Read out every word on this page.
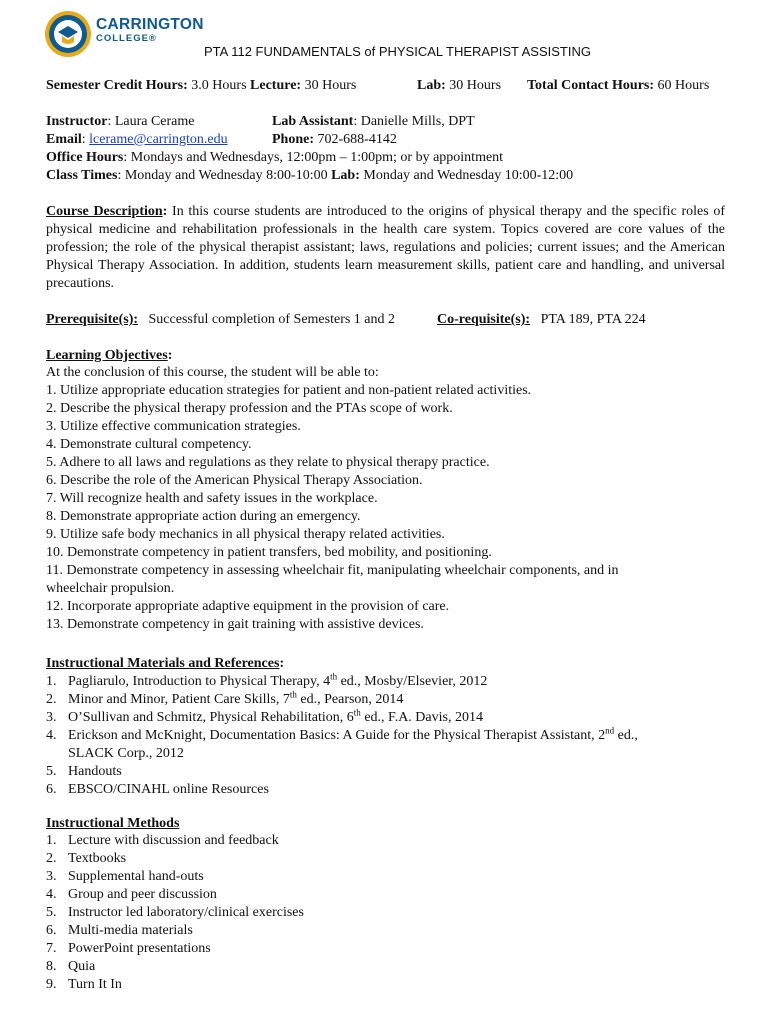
CARRINGTON
COLLEGE®
PTA 112 FUNDAMENTALS of PHYSICAL THERAPIST ASSISTING
Semester Credit Hours: 3.0 Hours Lecture: 30 Hours	Lab: 30 Hours Total Contact Hours: 60 Hours
Instructor: Laura Cerame	Lab Assistant: Danielle Mills, DPT
Email: lcerame@carrington.edu	Phone: 702-688-4142
Office Hours: Mondays and Wednesdays, 12:00pm – 1:00pm; or by appointment
Class Times: Monday and Wednesday 8:00-10:00 Lab: Monday and Wednesday 10:00-12:00
Course Description: In this course students are introduced to the origins of physical therapy and the specific roles of physical medicine and rehabilitation professionals in the health care system. Topics covered are core values of the profession; the role of the physical therapist assistant; laws, regulations and policies; current issues; and the American Physical Therapy Association. In addition, students learn measurement skills, patient care and handling, and universal precautions.
Prerequisite(s): Successful completion of Semesters 1 and 2	Co-requisite(s): PTA 189, PTA 224
Learning Objectives:
At the conclusion of this course, the student will be able to:
1. Utilize appropriate education strategies for patient and non-patient related activities.
2. Describe the physical therapy profession and the PTAs scope of work.
3. Utilize effective communication strategies.
4. Demonstrate cultural competency.
5. Adhere to all laws and regulations as they relate to physical therapy practice.
6. Describe the role of the American Physical Therapy Association.
7. Will recognize health and safety issues in the workplace.
8. Demonstrate appropriate action during an emergency.
9. Utilize safe body mechanics in all physical therapy related activities.
10. Demonstrate competency in patient transfers, bed mobility, and positioning.
11. Demonstrate competency in assessing wheelchair fit, manipulating wheelchair components, and in
wheelchair propulsion.
12. Incorporate appropriate adaptive equipment in the provision of care.
13. Demonstrate competency in gait training with assistive devices.
Instructional Materials and References:
1. Pagliarulo, Introduction to Physical Therapy, 4th ed., Mosby/Elsevier, 2012
2. Minor and Minor, Patient Care Skills, 7th ed., Pearson, 2014
3. O’Sullivan and Schmitz, Physical Rehabilitation, 6th ed., F.A. Davis, 2014
4. Erickson and McKnight, Documentation Basics: A Guide for the Physical Therapist Assistant, 2nd ed.,
SLACK Corp., 2012
5. Handouts
6. EBSCO/CINAHL online Resources
Instructional Methods
1. Lecture with discussion and feedback
2. Textbooks
3. Supplemental hand-outs
4. Group and peer discussion
5. Instructor led laboratory/clinical exercises
6. Multi-media materials
7. PowerPoint presentations
8. Quia
9. Turn It In
